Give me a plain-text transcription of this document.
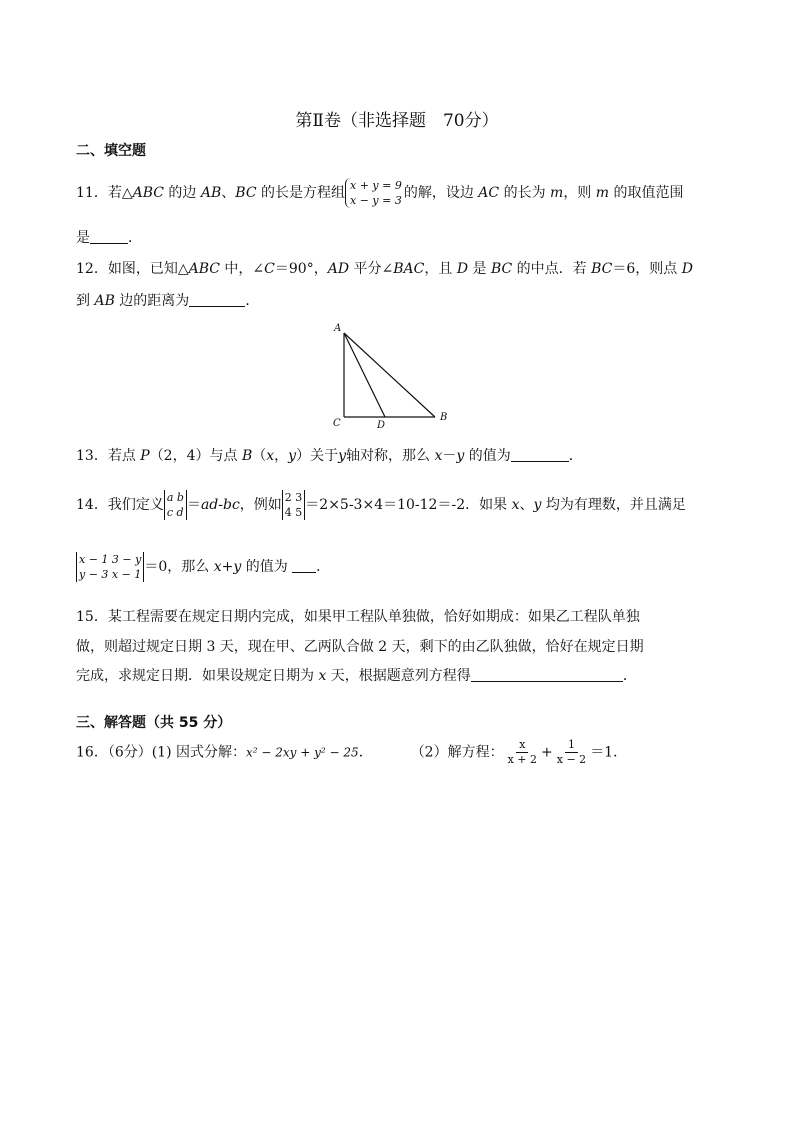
第Ⅱ卷（非选择题　70分）
二、填空题
11．若△ABC 的边 AB、BC 的长是方程组 x + y = 9
x − y = 3 的解，设边 AC 的长为 m，则 m 的取值范围
是	．
12．如图，已知△ABC 中，∠C＝90°，AD 平分∠BAC，且 D 是 BC 的中点．若 BC＝6，则点 D
到 AB 边的距离为	．
A
C	D
B
13．若点 P（2，4）与点 B（x，y）关于y轴对称，那么 x－y 的值为	．
14．我们定义 a b
c d ＝ad-bc，例如 2 3
4 5 ＝2×5-3×4＝10-12＝-2．如果 x、y 均为有理数，并且满足
x − 1 3 − y
y − 3 x − 1 ＝0，那么 x+y 的值为 ．
15．某工程需要在规定日期内完成，如果甲工程队单独做，恰好如期成：如果乙工程队单独
做，则超过规定日期 3 天，现在甲、乙两队合做 2 天，剩下的由乙队独做，恰好在规定日期
完成，求规定日期．如果设规定日期为 x 天，根据题意列方程得	．
三、解答题（共 55 分）
16．（6分）(1) 因式分解：x² − 2xy + y² − 25．	（2）解方程： $\frac{x}{x + 2} + \frac{1}{x - 2} =1$．
